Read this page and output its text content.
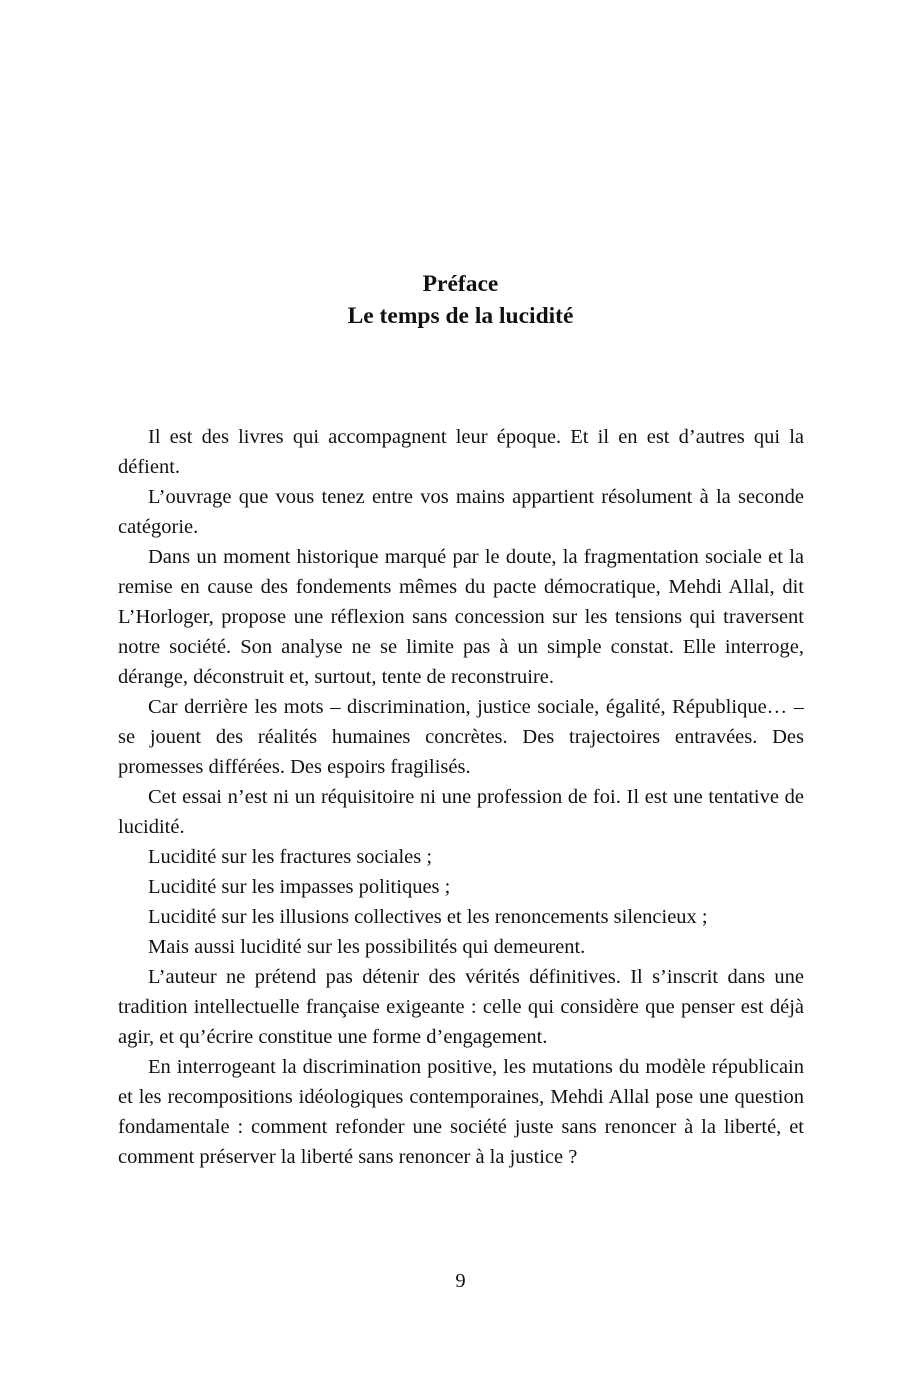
Préface
Le temps de la lucidité

Il est des livres qui accompagnent leur époque. Et il en est d’autres qui la défient.

L’ouvrage que vous tenez entre vos mains appartient résolument à la seconde catégorie.

Dans un moment historique marqué par le doute, la fragmentation sociale et la remise en cause des fondements mêmes du pacte démocratique, Mehdi Allal, dit L’Horloger, propose une réflexion sans concession sur les tensions qui traversent notre société. Son analyse ne se limite pas à un simple constat. Elle interroge, dérange, déconstruit et, surtout, tente de reconstruire.

Car derrière les mots – discrimination, justice sociale, égalité, République… – se jouent des réalités humaines concrètes. Des trajectoires entravées. Des promesses différées. Des espoirs fragilisés.

Cet essai n’est ni un réquisitoire ni une profession de foi. Il est une tentative de lucidité.

Lucidité sur les fractures sociales ;

Lucidité sur les impasses politiques ;

Lucidité sur les illusions collectives et les renoncements silencieux ;

Mais aussi lucidité sur les possibilités qui demeurent.

L’auteur ne prétend pas détenir des vérités définitives. Il s’inscrit dans une tradition intellectuelle française exigeante : celle qui considère que penser est déjà agir, et qu’écrire constitue une forme d’engagement.

En interrogeant la discrimination positive, les mutations du modèle républicain et les recompositions idéologiques contemporaines, Mehdi Allal pose une question fondamentale : comment refonder une société juste sans renoncer à la liberté, et comment préserver la liberté sans renoncer à la justice ?

9
